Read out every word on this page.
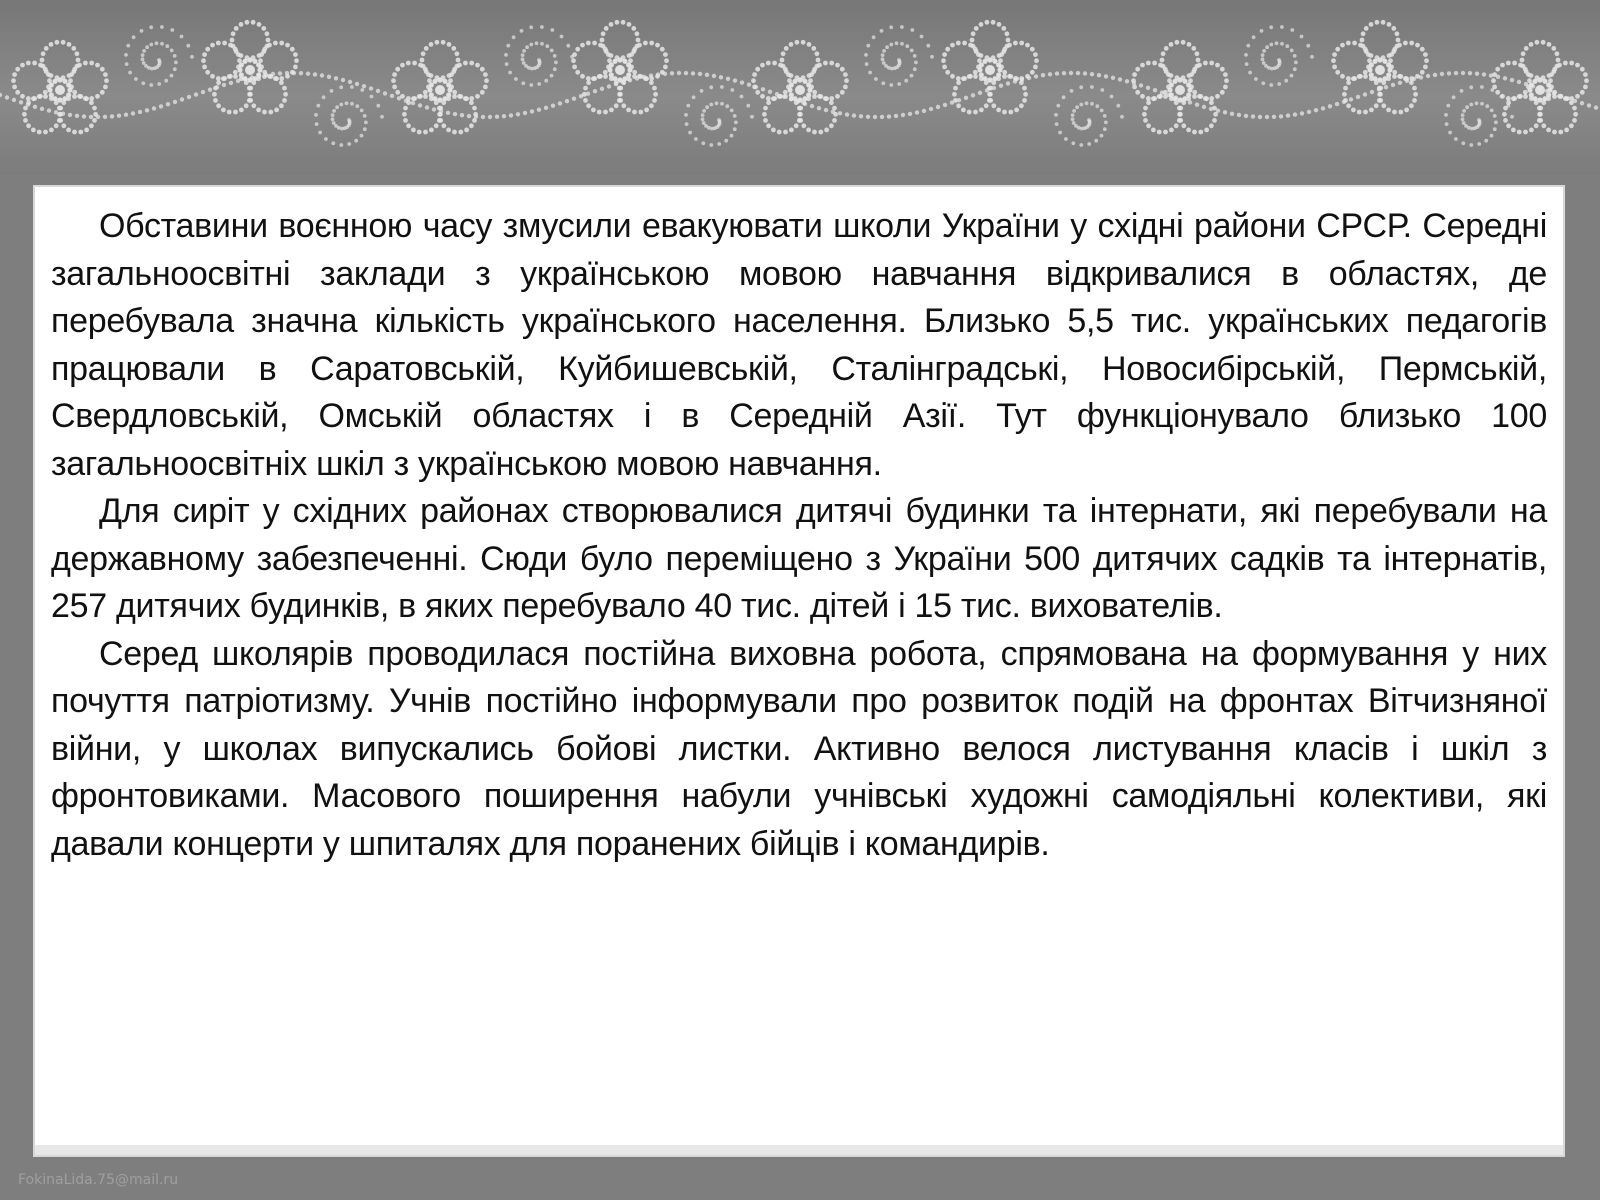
Обставини воєнною часу змусили евакуювати школи України у східні райони СРСР. Середні загальноосвітні заклади з українською мовою навчання відкривалися в областях, де перебувала значна кількість українського населення. Близько 5,5 тис. українських педагогів працювали в Саратовській, Куйбишевській, Сталінградські, Новосибірській, Пермській, Свердловській, Омській областях і в Середній Азії. Тут функціонувало близько 100 загальноосвітніх шкіл з українською мовою навчання.

Для сиріт у східних районах створювалися дитячі будинки та інтернати, які перебували на державному забезпеченні. Сюди було переміщено з України 500 дитячих садків та інтернатів, 257 дитячих будинків, в яких перебувало 40 тис. дітей і 15 тис. вихователів.

Серед школярів проводилася постійна виховна робота, спрямована на формування у них почуття патріотизму. Учнів постійно інформували про розвиток подій на фронтах Вітчизняної війни, у школах випускались бойові листки. Активно велося листування класів і шкіл з фронтовиками. Масового поширення набули учнівські художні самодіяльні колективи, які давали концерти у шпиталях для поранених бійців і командирів.

FokinaLida.75@mail.ru
